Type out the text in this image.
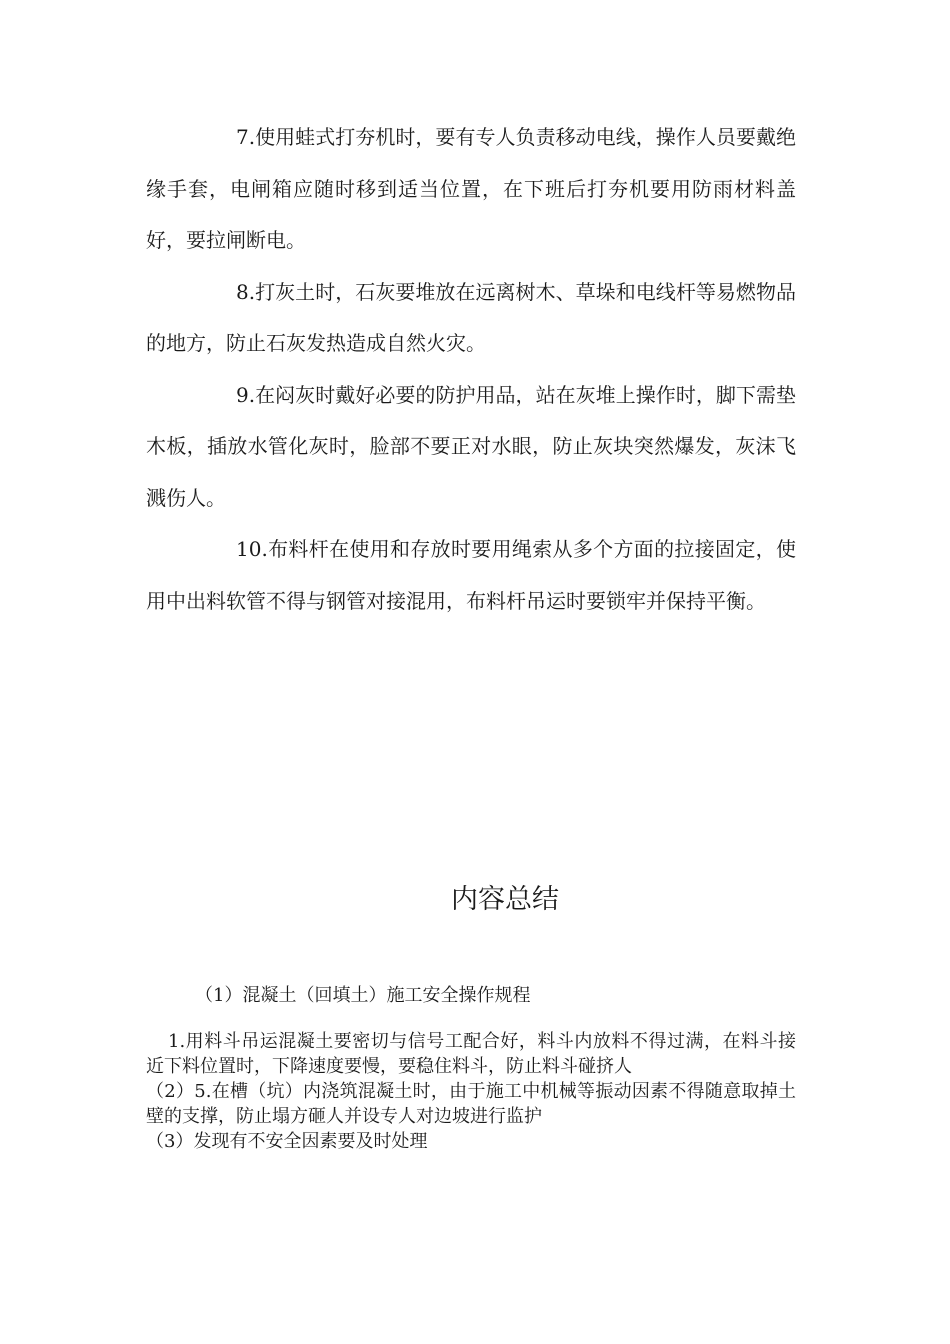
7.使用蛙式打夯机时，要有专人负责移动电线，操作人员要戴绝缘手套，电闸箱应随时移到适当位置，在下班后打夯机要用防雨材料盖好，要拉闸断电。

8.打灰土时，石灰要堆放在远离树木、草垛和电线杆等易燃物品的地方，防止石灰发热造成自然火灾。

9.在闷灰时戴好必要的防护用品，站在灰堆上操作时，脚下需垫木板，插放水管化灰时，脸部不要正对水眼，防止灰块突然爆发，灰沫飞溅伤人。

10.布料杆在使用和存放时要用绳索从多个方面的拉接固定，使用中出料软管不得与钢管对接混用，布料杆吊运时要锁牢并保持平衡。

内容总结

（1）混凝土（回填土）施工安全操作规程

1.用料斗吊运混凝土要密切与信号工配合好，料斗内放料不得过满，在料斗接近下料位置时，下降速度要慢，要稳住料斗，防止料斗碰挤人

（2）5.在槽（坑）内浇筑混凝土时，由于施工中机械等振动因素不得随意取掉土壁的支撑，防止塌方砸人并设专人对边坡进行监护

（3）发现有不安全因素要及时处理
